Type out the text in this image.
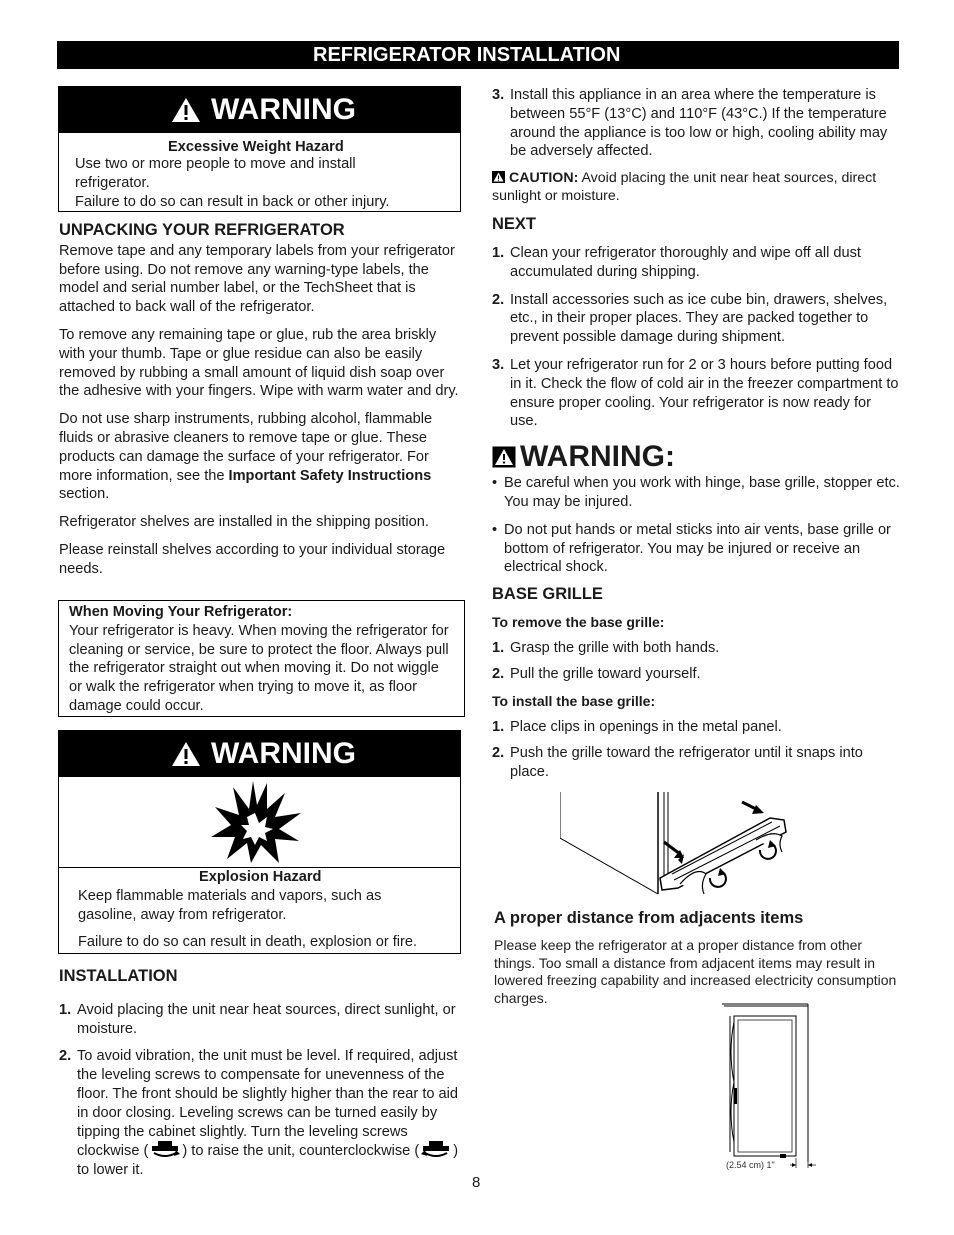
REFRIGERATOR INSTALLATION
WARNING
Excessive Weight Hazard
Use two or more people to move and install
refrigerator.
Failure to do so can result in back or other injury.

UNPACKING YOUR REFRIGERATOR

Remove tape and any temporary labels from your refrigerator before using. Do not remove any warning-type labels, the model and serial number label, or the TechSheet that is attached to back wall of the refrigerator.

To remove any remaining tape or glue, rub the area briskly with your thumb. Tape or glue residue can also be easily removed by rubbing a small amount of liquid dish soap over the adhesive with your fingers. Wipe with warm water and dry.

Do not use sharp instruments, rubbing alcohol, flammable fluids or abrasive cleaners to remove tape or glue. These products can damage the surface of your refrigerator. For more information, see the Important Safety Instructions section.

Refrigerator shelves are installed in the shipping position.

Please reinstall shelves according to your individual storage needs.

When Moving Your Refrigerator:
Your refrigerator is heavy. When moving the refrigerator for cleaning or service, be sure to protect the floor. Always pull the refrigerator straight out when moving it. Do not wiggle or walk the refrigerator when trying to move it, as floor damage could occur.
WARNING
Explosion Hazard
Keep flammable materials and vapors, such as gasoline, away from refrigerator.
Failure to do so can result in death, explosion or fire.

INSTALLATION

1. Avoid placing the unit near heat sources, direct sunlight, or moisture.
2. To avoid vibration, the unit must be level. If required, adjust the leveling screws to compensate for unevenness of the floor. The front should be slightly higher than the rear to aid in door closing. Leveling screws can be turned easily by tipping the cabinet slightly. Turn the leveling screws clockwise ( ) to raise the unit, counterclockwise ( ) to lower it.
3. Install this appliance in an area where the temperature is between 55°F (13°C) and 110°F (43°C.) If the temperature around the appliance is too low or high, cooling ability may be adversely affected.

CAUTION: Avoid placing the unit near heat sources, direct sunlight or moisture.

NEXT

1. Clean your refrigerator thoroughly and wipe off all dust accumulated during shipping.
2. Install accessories such as ice cube bin, drawers, shelves, etc., in their proper places. They are packed together to prevent possible damage during shipment.
3. Let your refrigerator run for 2 or 3 hours before putting food in it. Check the flow of cold air in the freezer compartment to ensure proper cooling. Your refrigerator is now ready for use.
WARNING:
• Be careful when you work with hinge, base grille, stopper etc. You may be injured.
• Do not put hands or metal sticks into air vents, base grille or bottom of refrigerator. You may be injured or receive an electrical shock.

BASE GRILLE

To remove the base grille:

1. Grasp the grille with both hands.
2. Pull the grille toward yourself.

To install the base grille:

1. Place clips in openings in the metal panel.
2. Push the grille toward the refrigerator until it snaps into place.

A proper distance from adjacents items

Please keep the refrigerator at a proper distance from other things. Too small a distance from adjacent items may result in lowered freezing capability and increased electricity consumption charges.

(2.54 cm) 1"
8
